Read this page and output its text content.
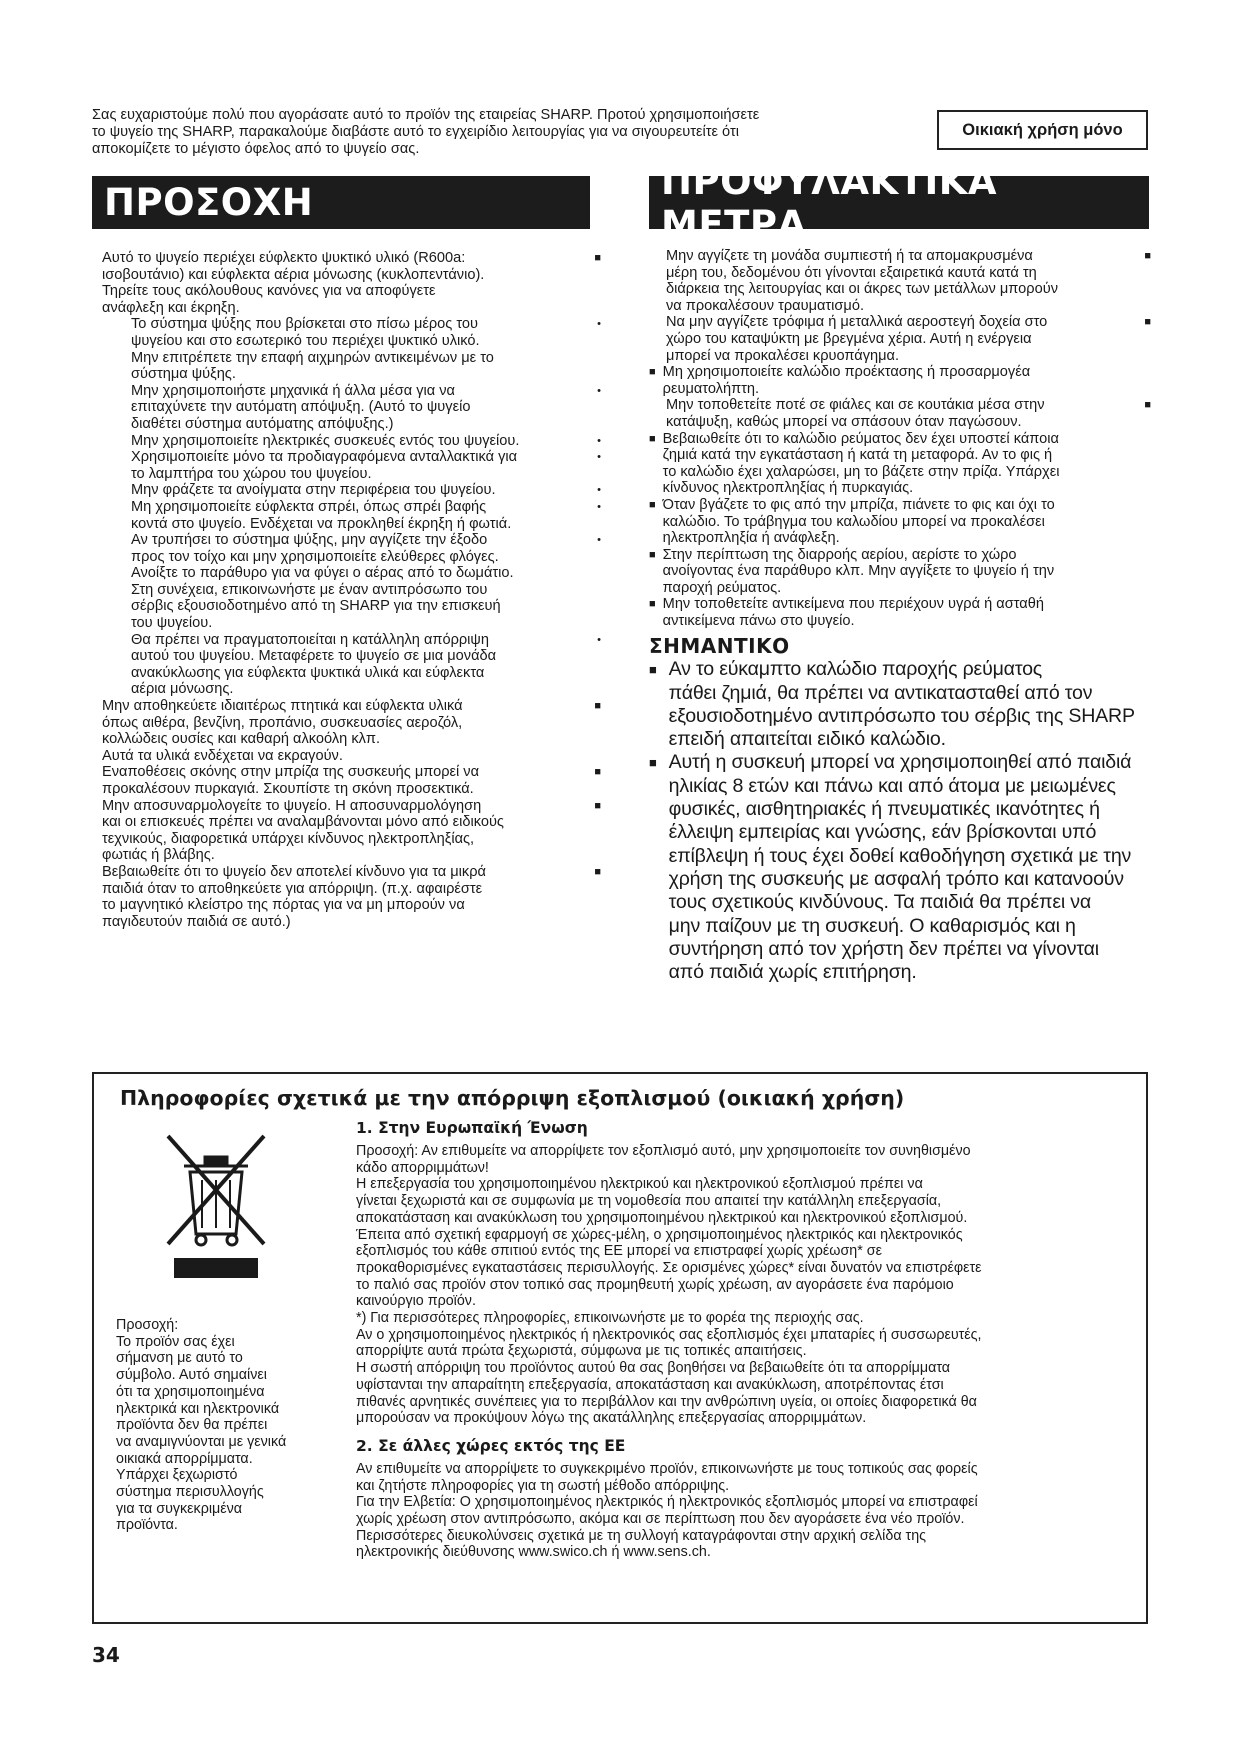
Σας ευχαριστούμε πολύ που αγοράσατε αυτό το προϊόν της εταιρείας SHARP. Προτού χρησιμοποιήσετε
το ψυγείο της SHARP, παρακαλούμε διαβάστε αυτό το εγχειρίδιο λειτουργίας για να σιγουρευτείτε ότι
αποκομίζετε το μέγιστο όφελος από το ψυγείο σας.
Οικιακή χρήση μόνο
ΠΡΟΣΟΧΗ	ΠΡΟΦΥΛΑΚΤΙΚΑ ΜΕΤΡΑ
Αυτό το ψυγείο περιέχει εύφλεκτο ψυκτικό υλικό (R600a:
ισοβουτάνιο) και εύφλεκτα αέρια μόνωσης (κυκλοπεντάνιο).
Τηρείτε τους ακόλουθους κανόνες για να αποφύγετε
ανάφλεξη και έκρηξη.
■
Το σύστημα ψύξης που βρίσκεται στο πίσω μέρος του
ψυγείου και στο εσωτερικό του περιέχει ψυκτικό υλικό.
Μην επιτρέπετε την επαφή αιχμηρών αντικειμένων με το
σύστημα ψύξης.
•
Μην χρησιμοποιήστε μηχανικά ή άλλα μέσα για να
επιταχύνετε την αυτόματη απόψυξη. (Αυτό το ψυγείο
διαθέτει σύστημα αυτόματης απόψυξης.)
•
Μην χρησιμοποιείτε ηλεκτρικές συσκευές εντός του ψυγείου.	•
Χρησιμοποιείτε μόνο τα προδιαγραφόμενα ανταλλακτικά για
το λαμπτήρα του χώρου του ψυγείου.
•
Μην φράζετε τα ανοίγματα στην περιφέρεια του ψυγείου.	•
Μη χρησιμοποιείτε εύφλεκτα σπρέι, όπως σπρέι βαφής
κοντά στο ψυγείο. Ενδέχεται να προκληθεί έκρηξη ή φωτιά.
•
Αν τρυπήσει το σύστημα ψύξης, μην αγγίζετε την έξοδο
προς τον τοίχο και μην χρησιμοποιείτε ελεύθερες φλόγες.
Ανοίξτε το παράθυρο για να φύγει ο αέρας από το δωμάτιο.
Στη συνέχεια, επικοινωνήστε με έναν αντιπρόσωπο του
σέρβις εξουσιοδοτημένο από τη SHARP για την επισκευή
του ψυγείου.
•
Θα πρέπει να πραγματοποιείται η κατάλληλη απόρριψη
αυτού του ψυγείου. Μεταφέρετε το ψυγείο σε μια μονάδα
ανακύκλωσης για εύφλεκτα ψυκτικά υλικά και εύφλεκτα
αέρια μόνωσης.
•
Μην αποθηκεύετε ιδιαιτέρως πτητικά και εύφλεκτα υλικά
όπως αιθέρα, βενζίνη, προπάνιο, συσκευασίες αεροζόλ,
κολλώδεις ουσίες και καθαρή αλκοόλη κλπ.
Αυτά τα υλικά ενδέχεται να εκραγούν.
■
Εναποθέσεις σκόνης στην μπρίζα της συσκευής μπορεί να
προκαλέσουν πυρκαγιά. Σκουπίστε τη σκόνη προσεκτικά.
■
Μην αποσυναρμολογείτε το ψυγείο. Η αποσυναρμολόγηση
και οι επισκευές πρέπει να αναλαμβάνονται μόνο από ειδικούς
τεχνικούς, διαφορετικά υπάρχει κίνδυνος ηλεκτροπληξίας,
φωτιάς ή βλάβης.
■
Βεβαιωθείτε ότι το ψυγείο δεν αποτελεί κίνδυνο για τα μικρά
παιδιά όταν το αποθηκεύετε για απόρριψη. (π.χ. αφαιρέστε
το μαγνητικό κλείστρο της πόρτας για να μη μπορούν να
παγιδευτούν παιδιά σε αυτό.)
■
Μην αγγίζετε τη μονάδα συμπιεστή ή τα απομακρυσμένα
μέρη του, δεδομένου ότι γίνονται εξαιρετικά καυτά κατά τη
διάρκεια της λειτουργίας και οι άκρες των μετάλλων μπορούν
να προκαλέσουν τραυματισμό.
■
Να μην αγγίζετε τρόφιμα ή μεταλλικά αεροστεγή δοχεία στο
χώρο του καταψύκτη με βρεγμένα χέρια. Αυτή η ενέργεια
μπορεί να προκαλέσει κρυοπάγημα.
■
■ Μη χρησιμοποιείτε καλώδιο προέκτασης ή προσαρμογέα
ρευματολήπτη.
Μην τοποθετείτε ποτέ σε φιάλες και σε κουτάκια μέσα στην
κατάψυξη, καθώς μπορεί να σπάσουν όταν παγώσουν.
■
■ Βεβαιωθείτε ότι το καλώδιο ρεύματος δεν έχει υποστεί κάποια
ζημιά κατά την εγκατάσταση ή κατά τη μεταφορά. Αν το φις ή
το καλώδιο έχει χαλαρώσει, μη το βάζετε στην πρίζα. Υπάρχει
κίνδυνος ηλεκτροπληξίας ή πυρκαγιάς.
■ Όταν βγάζετε το φις από την μπρίζα, πιάνετε το φις και όχι το
καλώδιο. Το τράβηγμα του καλωδίου μπορεί να προκαλέσει
ηλεκτροπληξία ή ανάφλεξη.
■ Στην περίπτωση της διαρροής αερίου, αερίστε το χώρο
ανοίγοντας ένα παράθυρο κλπ. Μην αγγίξετε το ψυγείο ή την
παροχή ρεύματος.
■ Μην τοποθετείτε αντικείμενα που περιέχουν υγρά ή ασταθή
αντικείμενα πάνω στο ψυγείο.
ΣΗΜΑΝΤΙΚΟ
■ Αν το εύκαμπτο καλώδιο παροχής ρεύματος
πάθει ζημιά, θα πρέπει να αντικατασταθεί από τον
εξουσιοδοτημένο αντιπρόσωπο του σέρβις της SHARP
επειδή απαιτείται ειδικό καλώδιο.
■ Αυτή η συσκευή μπορεί να χρησιμοποιηθεί από παιδιά
ηλικίας 8 ετών και πάνω και από άτομα με μειωμένες
φυσικές, αισθητηριακές ή πνευματικές ικανότητες ή
έλλειψη εμπειρίας και γνώσης, εάν βρίσκονται υπό
επίβλεψη ή τους έχει δοθεί καθοδήγηση σχετικά με την
χρήση της συσκευής με ασφαλή τρόπο και κατανοούν
τους σχετικούς κινδύνους. Τα παιδιά θα πρέπει να
μην παίζουν με τη συσκευή. Ο καθαρισμός και η
συντήρηση από τον χρήστη δεν πρέπει να γίνονται
από παιδιά χωρίς επιτήρηση.
Πληροφορίες σχετικά με την απόρριψη εξοπλισμού (οικιακή χρήση)
Προσοχή:
Το προϊόν σας έχει
σήμανση με αυτό το
σύμβολο. Αυτό σημαίνει
ότι τα χρησιμοποιημένα
ηλεκτρικά και ηλεκτρονικά
προϊόντα δεν θα πρέπει
να αναμιγνύονται με γενικά
οικιακά απορρίμματα.
Υπάρχει ξεχωριστό
σύστημα περισυλλογής
για τα συγκεκριμένα
προϊόντα.
1. Στην Ευρωπαϊκή Ένωση
Προσοχή: Αν επιθυμείτε να απορρίψετε τον εξοπλισμό αυτό, μην χρησιμοποιείτε τον συνηθισμένο
κάδο απορριμμάτων!
Η επεξεργασία του χρησιμοποιημένου ηλεκτρικού και ηλεκτρονικού εξοπλισμού πρέπει να
γίνεται ξεχωριστά και σε συμφωνία με τη νομοθεσία που απαιτεί την κατάλληλη επεξεργασία,
αποκατάσταση και ανακύκλωση του χρησιμοποιημένου ηλεκτρικού και ηλεκτρονικού εξοπλισμού.
Έπειτα από σχετική εφαρμογή σε χώρες-μέλη, ο χρησιμοποιημένος ηλεκτρικός και ηλεκτρονικός
εξοπλισμός του κάθε σπιτιού εντός της ΕΕ μπορεί να επιστραφεί χωρίς χρέωση* σε
προκαθορισμένες εγκαταστάσεις περισυλλογής. Σε ορισμένες χώρες* είναι δυνατόν να επιστρέφετε
το παλιό σας προϊόν στον τοπικό σας προμηθευτή χωρίς χρέωση, αν αγοράσετε ένα παρόμοιο
καινούργιο προϊόν.
*) Για περισσότερες πληροφορίες, επικοινωνήστε με το φορέα της περιοχής σας.
Αν ο χρησιμοποιημένος ηλεκτρικός ή ηλεκτρονικός σας εξοπλισμός έχει μπαταρίες ή συσσωρευτές,
απορρίψτε αυτά πρώτα ξεχωριστά, σύμφωνα με τις τοπικές απαιτήσεις.
Η σωστή απόρριψη του προϊόντος αυτού θα σας βοηθήσει να βεβαιωθείτε ότι τα απορρίμματα
υφίστανται την απαραίτητη επεξεργασία, αποκατάσταση και ανακύκλωση, αποτρέποντας έτσι
πιθανές αρνητικές συνέπειες για το περιβάλλον και την ανθρώπινη υγεία, οι οποίες διαφορετικά θα
μπορούσαν να προκύψουν λόγω της ακατάλληλης επεξεργασίας απορριμμάτων.
2. Σε άλλες χώρες εκτός της ΕΕ
Αν επιθυμείτε να απορρίψετε το συγκεκριμένο προϊόν, επικοινωνήστε με τους τοπικούς σας φορείς
και ζητήστε πληροφορίες για τη σωστή μέθοδο απόρριψης.
Για την Ελβετία: Ο χρησιμοποιημένος ηλεκτρικός ή ηλεκτρονικός εξοπλισμός μπορεί να επιστραφεί
χωρίς χρέωση στον αντιπρόσωπο, ακόμα και σε περίπτωση που δεν αγοράσετε ένα νέο προϊόν.
Περισσότερες διευκολύνσεις σχετικά με τη συλλογή καταγράφονται στην αρχική σελίδα της
ηλεκτρονικής διεύθυνσης www.swico.ch ή www.sens.ch.
34
